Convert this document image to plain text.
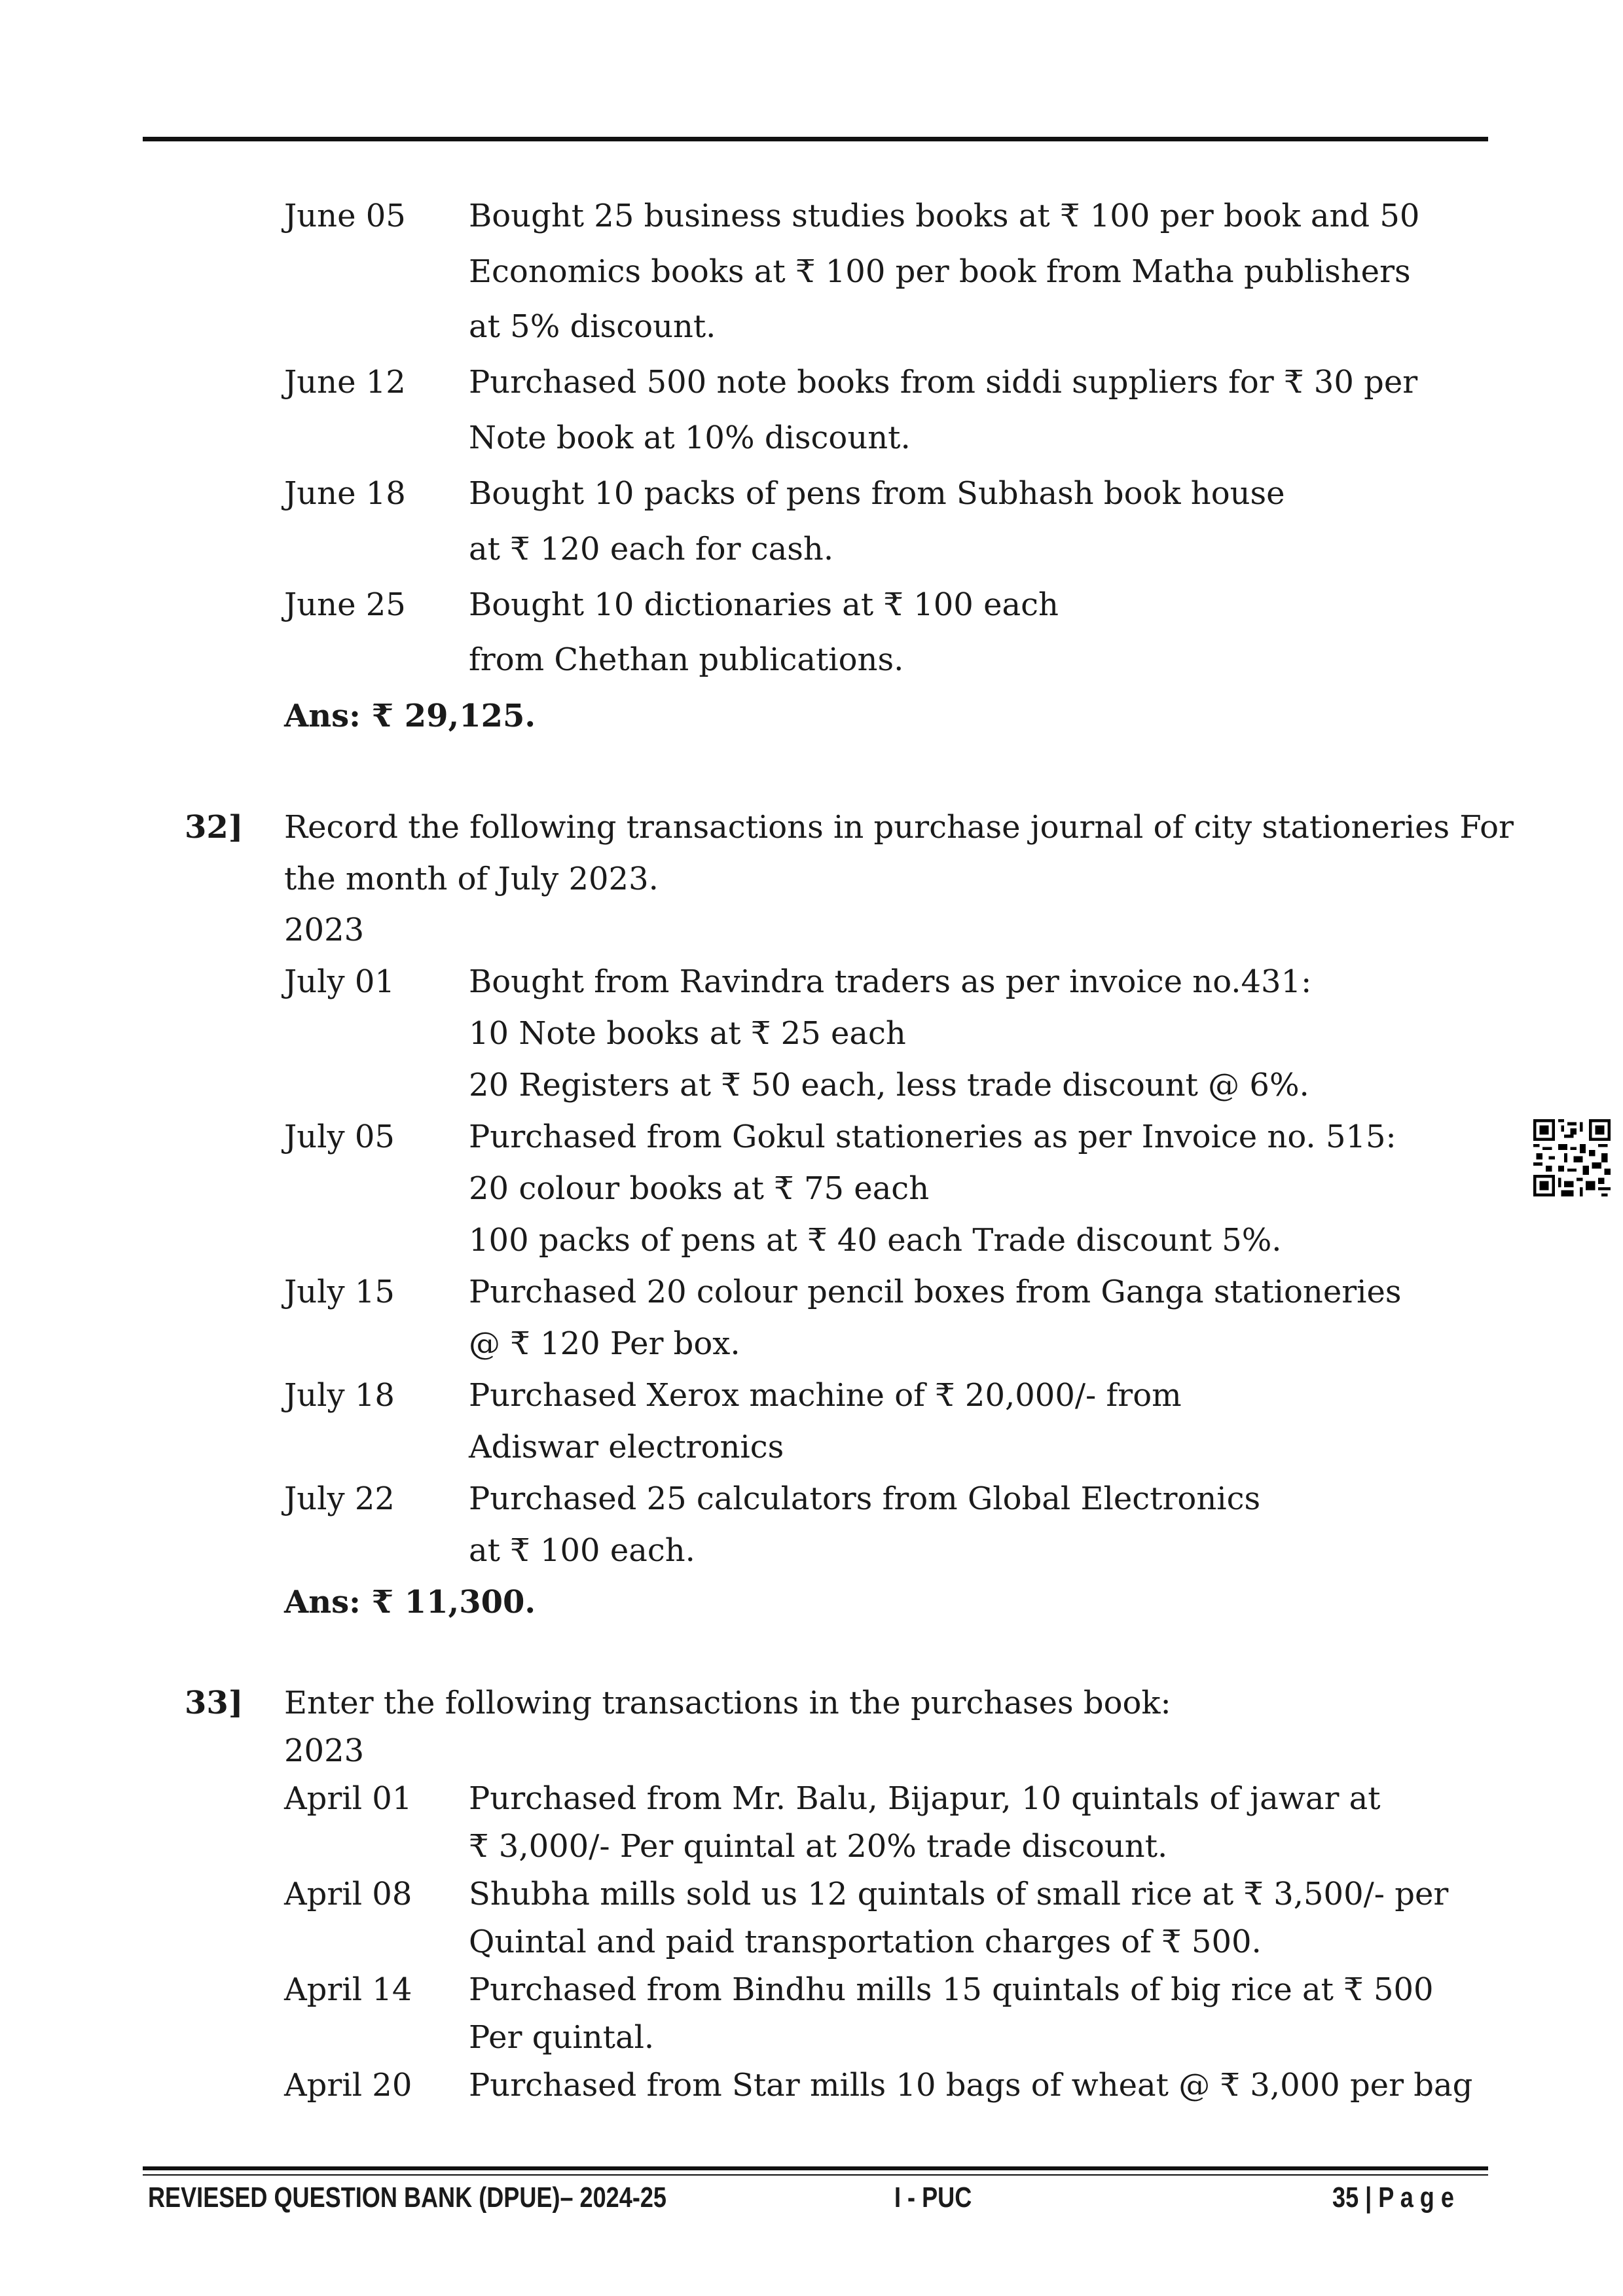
June 05 Bought 25 business studies books at ₹ 100 per book and 50
Economics books at ₹ 100 per book from Matha publishers
at 5% discount.
June 12 Purchased 500 note books from siddi suppliers for ₹ 30 per
Note book at 10% discount.
June 18 Bought 10 packs of pens from Subhash book house
at ₹ 120 each for cash.
June 25 Bought 10 dictionaries at ₹ 100 each
from Chethan publications.
Ans: ₹ 29,125.
32] Record the following transactions in purchase journal of city stationeries For
the month of July 2023.
2023
July 01 Bought from Ravindra traders as per invoice no.431:
10 Note books at ₹ 25 each
20 Registers at ₹ 50 each, less trade discount @ 6%.
July 05 Purchased from Gokul stationeries as per Invoice no. 515:
20 colour books at ₹ 75 each
100 packs of pens at ₹ 40 each Trade discount 5%.
July 15 Purchased 20 colour pencil boxes from Ganga stationeries
@ ₹ 120 Per box.
July 18 Purchased Xerox machine of ₹ 20,000/- from
Adiswar electronics
July 22 Purchased 25 calculators from Global Electronics
at ₹ 100 each.
Ans: ₹ 11,300.
33] Enter the following transactions in the purchases book:
2023
April 01 Purchased from Mr. Balu, Bijapur, 10 quintals of jawar at
₹ 3,000/- Per quintal at 20% trade discount.
April 08 Shubha mills sold us 12 quintals of small rice at ₹ 3,500/- per
Quintal and paid transportation charges of ₹ 500.
April 14 Purchased from Bindhu mills 15 quintals of big rice at ₹ 500
Per quintal.
April 20 Purchased from Star mills 10 bags of wheat @ ₹ 3,000 per bag
REVIESED QUESTION BANK (DPUE)– 2024-25	I - PUC	35 | P a g e
